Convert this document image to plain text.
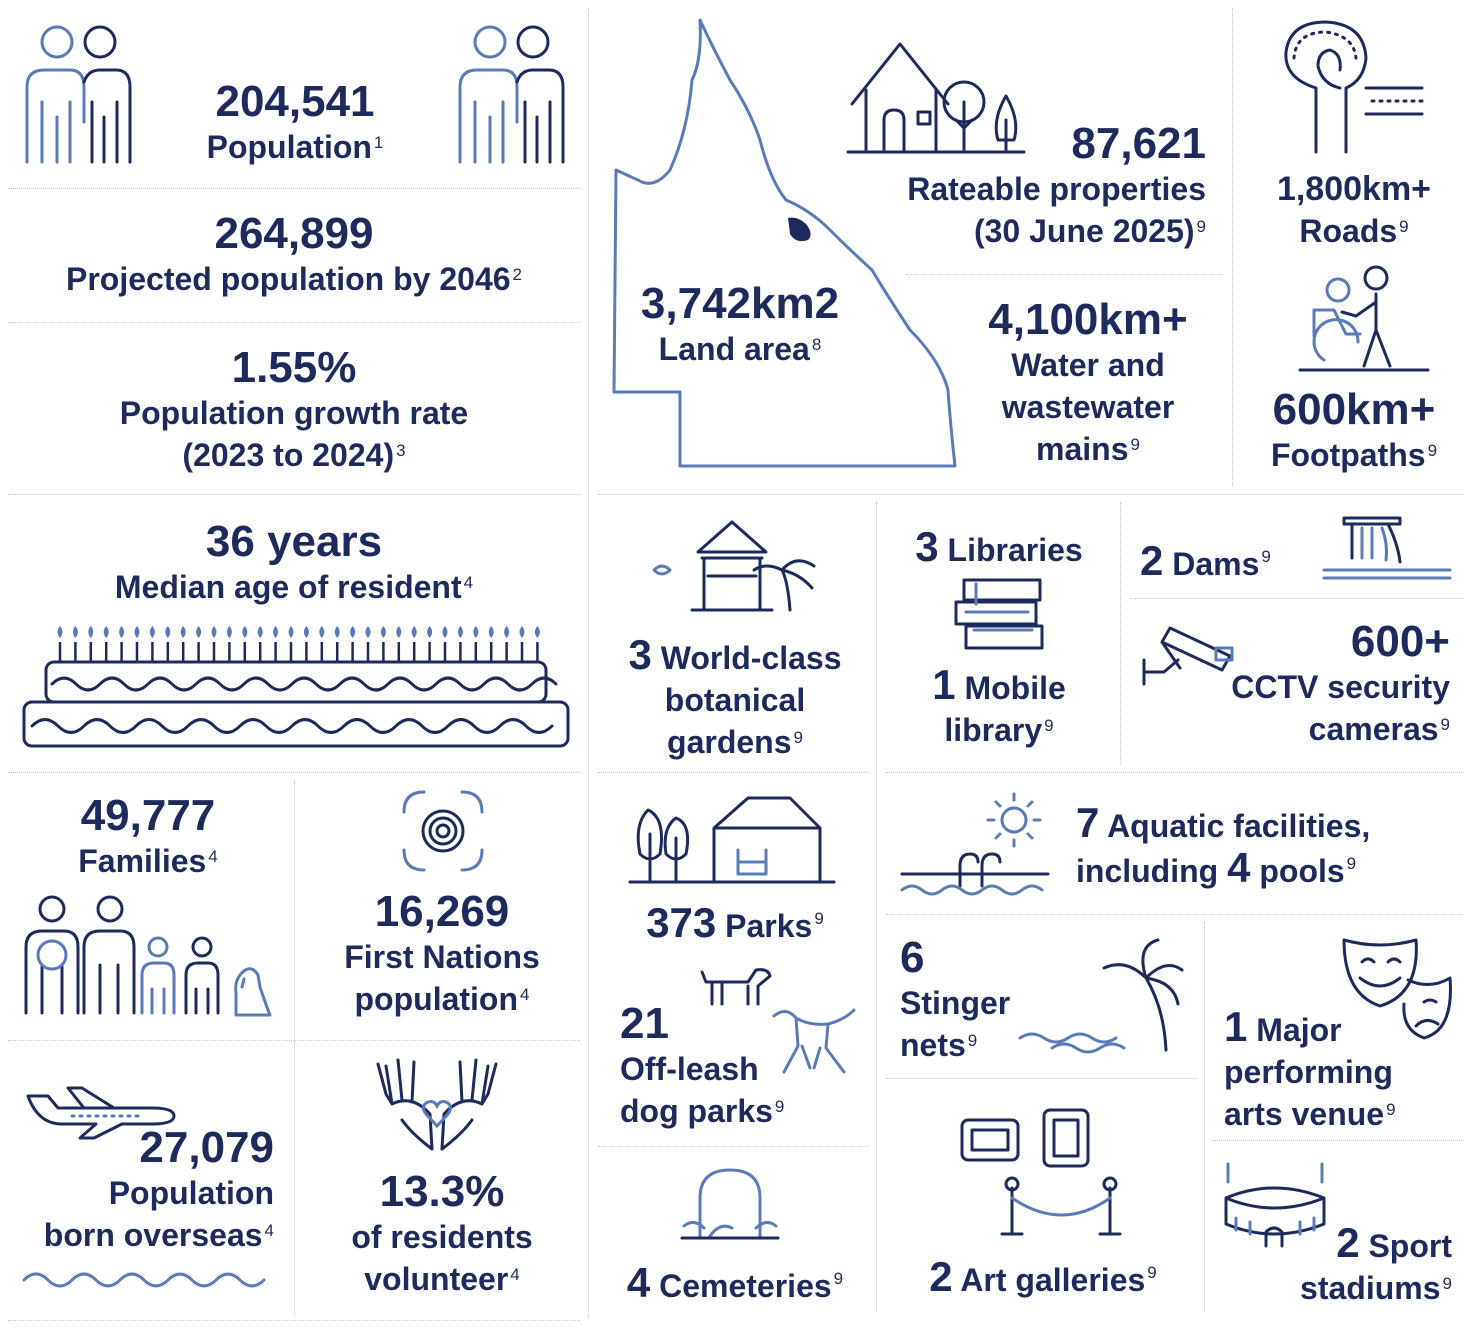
204,541
Population $^1$
264,899
Projected population by 2046 $^2$
1.55%
Population growth rate
(2023 to 2024) $^3$
36 years
Median age of resident $^4$
49,777
Families $^4$
16,269
First Nations
population $^4$
27,079
Population
born overseas $^4$
13.3%
of residents
volunteer $^4$
3,742km2
Land area $^8$
87,621
Rateable properties
(30 June 2025) $^9$
4,100km+
Water and
wastewater
mains $^9$
1,800km+
Roads $^9$
600km+
Footpaths $^9$
3 World-class
botanical
gardens $^9$
3 Libraries
1 Mobile
library $^9$
2 Dams $^9$
600+
CCTV security
cameras $^9$
373 Parks $^9$
21
Off-leash
dog parks $^9$
4 Cemeteries $^9$
7 Aquatic facilities,
including 4 pools $^9$
6
Stinger
nets $^9$	1 Major
performing
arts venue $^9$
2 Art galleries $^9$
2 Sport
stadiums $^9$
